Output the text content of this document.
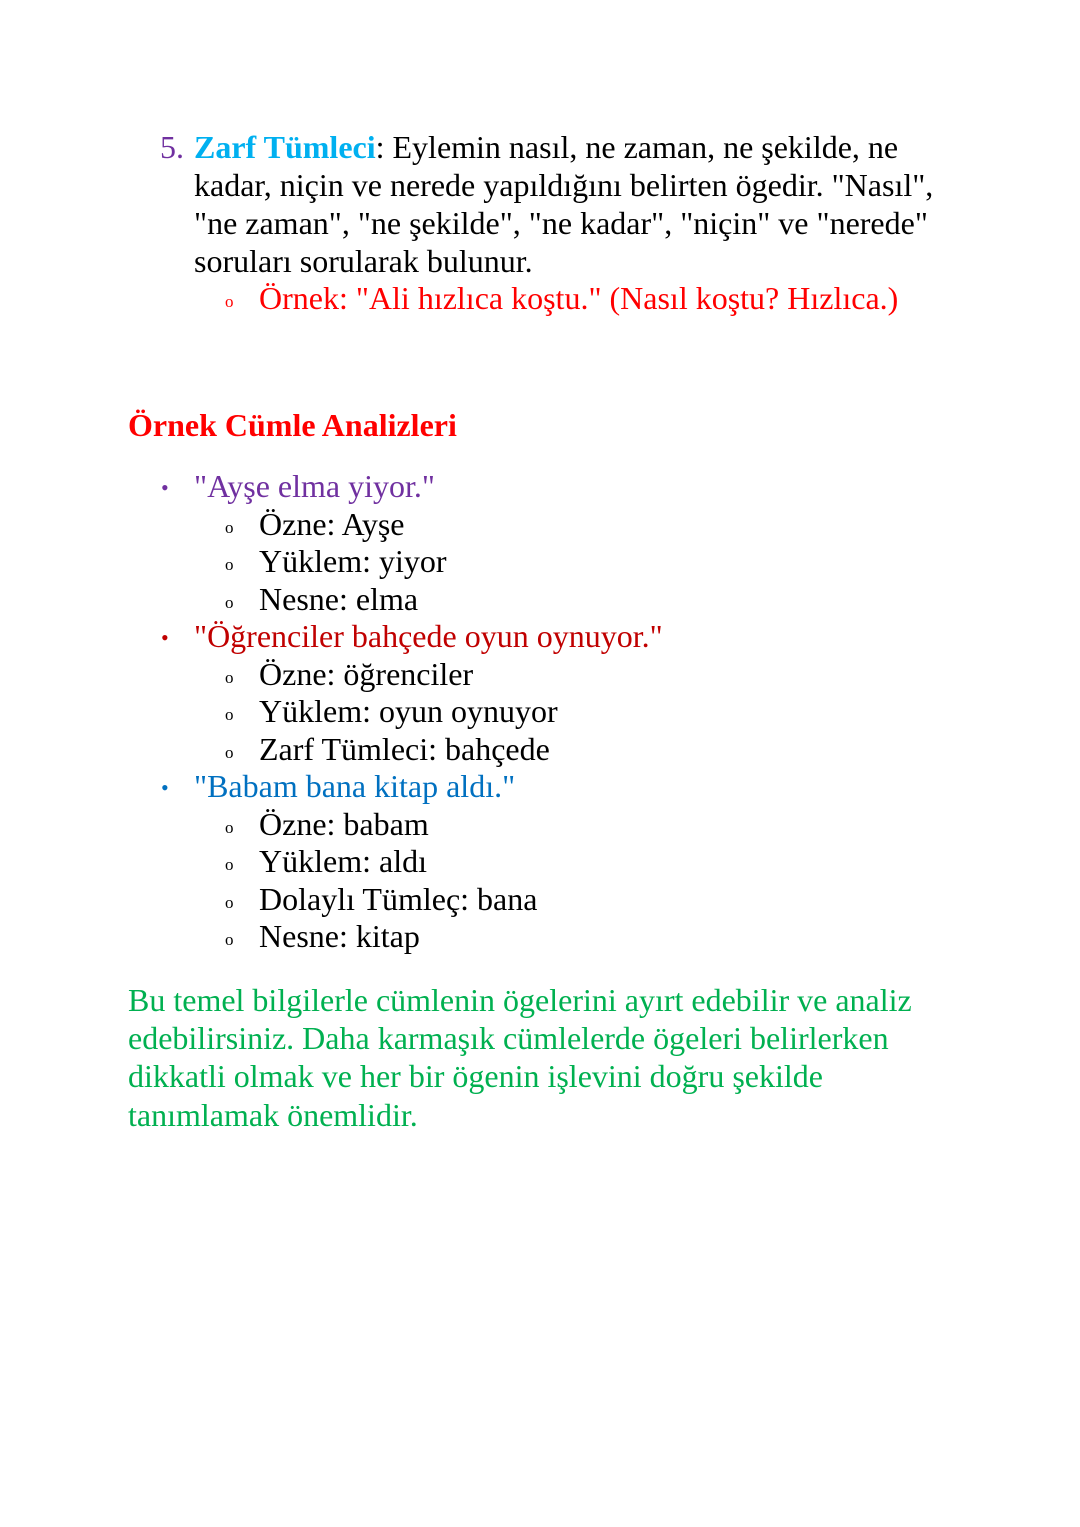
5. Zarf Tümleci: Eylemin nasıl, ne zaman, ne şekilde, ne
kadar, niçin ve nerede yapıldığını belirten ögedir. "Nasıl",
"ne zaman", "ne şekilde", "ne kadar", "niçin" ve "nerede"
soruları sorularak bulunur.
o Örnek: "Ali hızlıca koştu." (Nasıl koştu? Hızlıca.)
Örnek Cümle Analizleri
• "Ayşe elma yiyor."
o Özne: Ayşe
o Yüklem: yiyor
o Nesne: elma
• "Öğrenciler bahçede oyun oynuyor."
o Özne: öğrenciler
o Yüklem: oyun oynuyor
o Zarf Tümleci: bahçede
• "Babam bana kitap aldı."
o Özne: babam
o Yüklem: aldı
o Dolaylı Tümleç: bana
o Nesne: kitap
Bu temel bilgilerle cümlenin ögelerini ayırt edebilir ve analiz
edebilirsiniz. Daha karmaşık cümlelerde ögeleri belirlerken
dikkatli olmak ve her bir ögenin işlevini doğru şekilde
tanımlamak önemlidir.
